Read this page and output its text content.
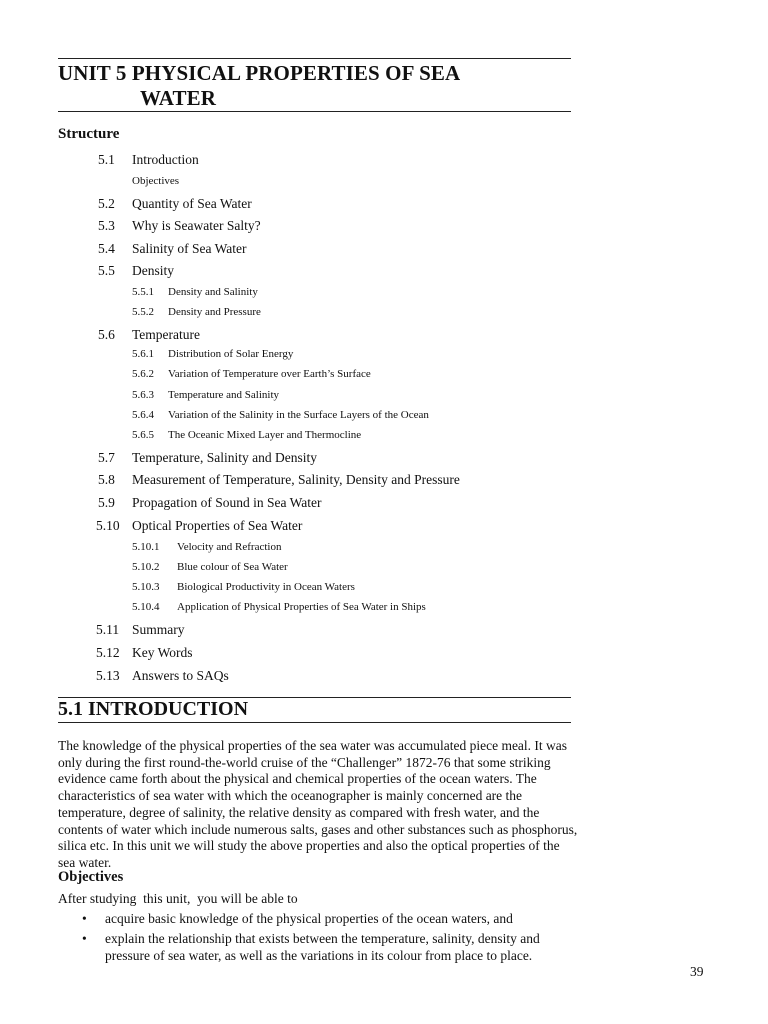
UNIT 5 PHYSICAL PROPERTIES OF SEA
WATER
Structure
5.1	Introduction
Objectives
5.2	Quantity of Sea Water
5.3	Why is Seawater Salty?
5.4	Salinity of Sea Water
5.5	Density
5.5.1 Density and Salinity
5.5.2 Density and Pressure
5.6	Temperature
5.6.1 Distribution of Solar Energy
5.6.2 Variation of Temperature over Earth’s Surface
5.6.3 Temperature and Salinity
5.6.4 Variation of the Salinity in the Surface Layers of the Ocean
5.6.5 The Oceanic Mixed Layer and Thermocline
5.7	Temperature, Salinity and Density
5.8	Measurement of Temperature, Salinity, Density and Pressure
5.9	Propagation of Sound in Sea Water
5.10 Optical Properties of Sea Water
5.10.1 Velocity and Refraction
5.10.2 Blue colour of Sea Water
5.10.3 Biological Productivity in Ocean Waters
5.10.4 Application of Physical Properties of Sea Water in Ships
5.11 Summary
5.12 Key Words
5.13 Answers to SAQs
5.1 INTRODUCTION
The knowledge of the physical properties of the sea water was accumulated piece meal. It was only during the first round-the-world cruise of the “Challenger” 1872-76 that some striking evidence came forth about the physical and chemical properties of the ocean waters. The characteristics of sea water with which the oceanographer is mainly concerned are the temperature, degree of salinity, the relative density as compared with fresh water, and the contents of water which include numerous salts, gases and other substances such as phosphorus, silica etc. In this unit we will study the above properties and also the optical properties of the sea water.
Objectives
After studying  this unit,  you will be able to
• acquire basic knowledge of the physical properties of the ocean waters, and
• explain the relationship that exists between the temperature, salinity, density and pressure of sea water, as well as the variations in its colour from place to place.
39
